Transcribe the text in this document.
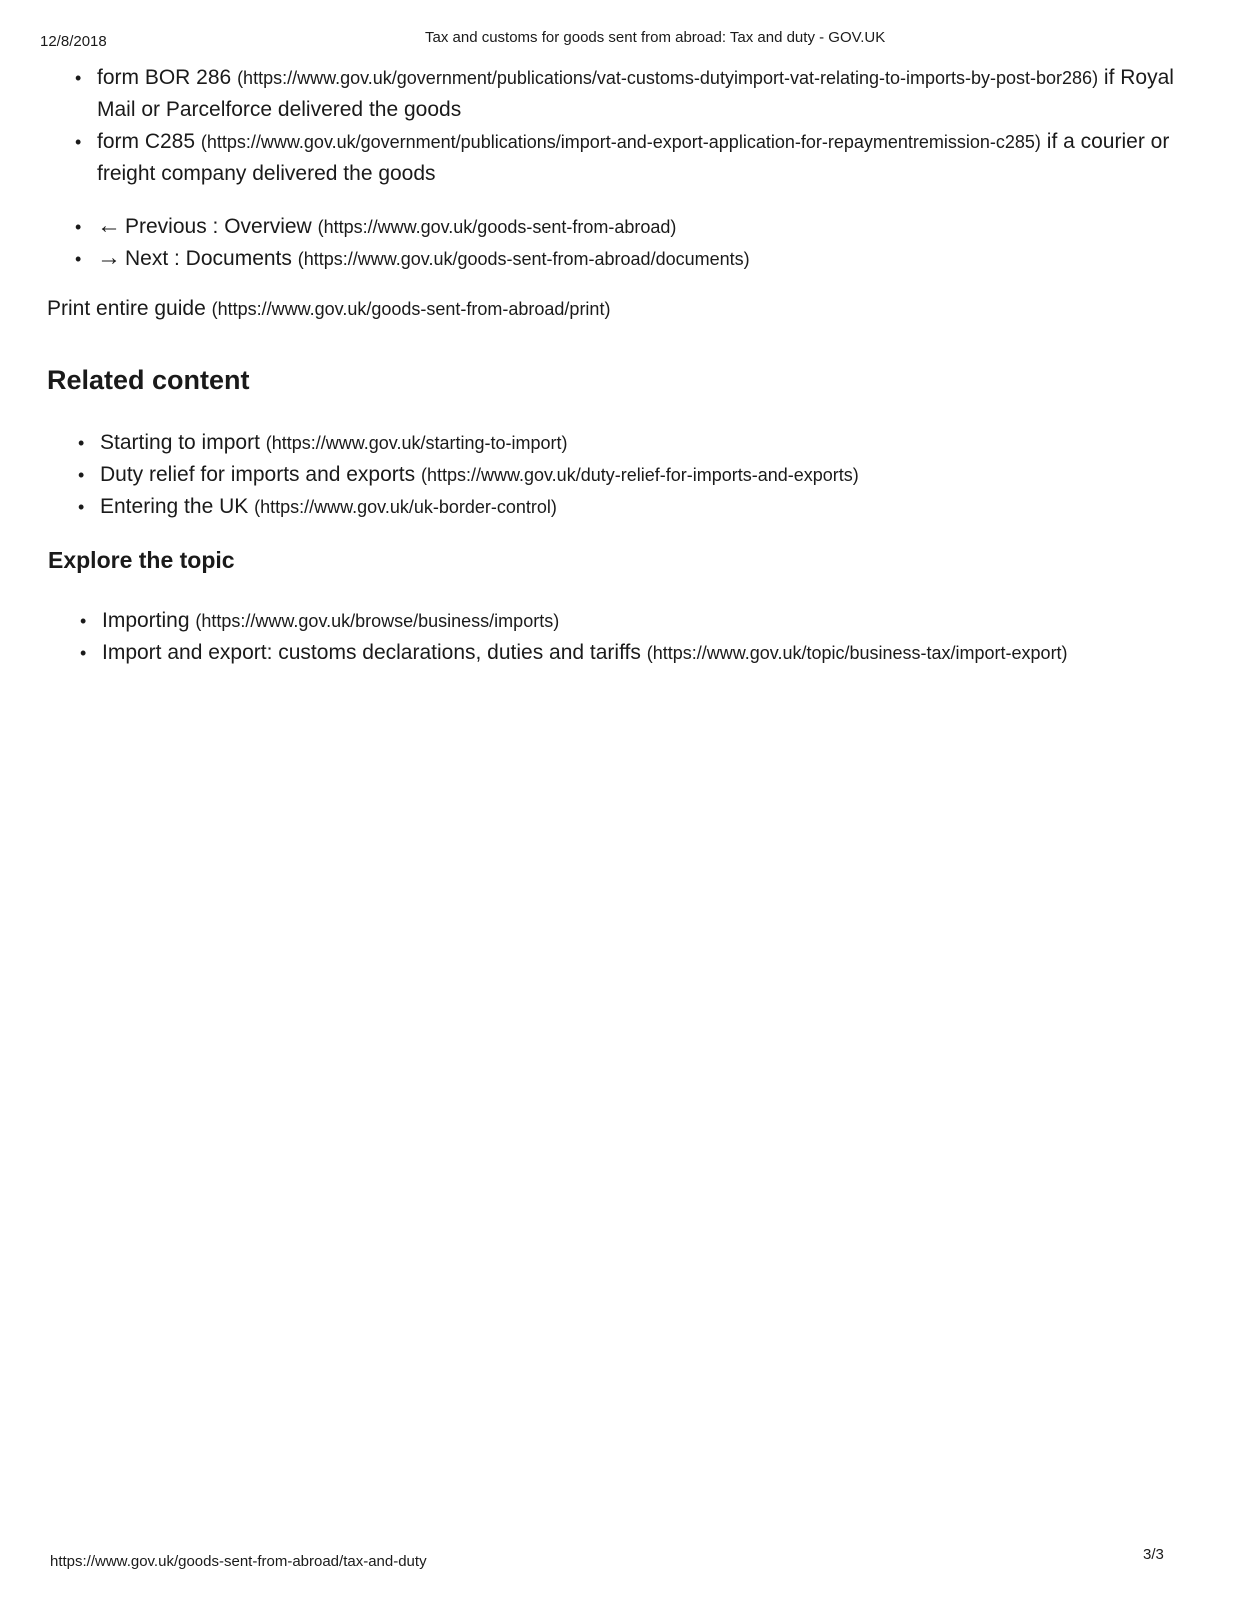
12/8/2018	Tax and customs for goods sent from abroad: Tax and duty - GOV.UK
• form BOR 286 (https://www.gov.uk/government/publications/vat-customs-dutyimport-vat-relating-to-imports-by-post-bor286) if Royal Mail or Parcelforce delivered the goods
• form C285 (https://www.gov.uk/government/publications/import-and-export-application-for-repaymentremission-c285) if a courier or freight company delivered the goods
• ← Previous : Overview (https://www.gov.uk/goods-sent-from-abroad)
• → Next : Documents (https://www.gov.uk/goods-sent-from-abroad/documents)
Print entire guide (https://www.gov.uk/goods-sent-from-abroad/print)
Related content
• Starting to import (https://www.gov.uk/starting-to-import)
• Duty relief for imports and exports (https://www.gov.uk/duty-relief-for-imports-and-exports)
• Entering the UK (https://www.gov.uk/uk-border-control)
Explore the topic
• Importing (https://www.gov.uk/browse/business/imports)
• Import and export: customs declarations, duties and tariffs (https://www.gov.uk/topic/business-tax/import-export)
https://www.gov.uk/goods-sent-from-abroad/tax-and-duty	3/3
